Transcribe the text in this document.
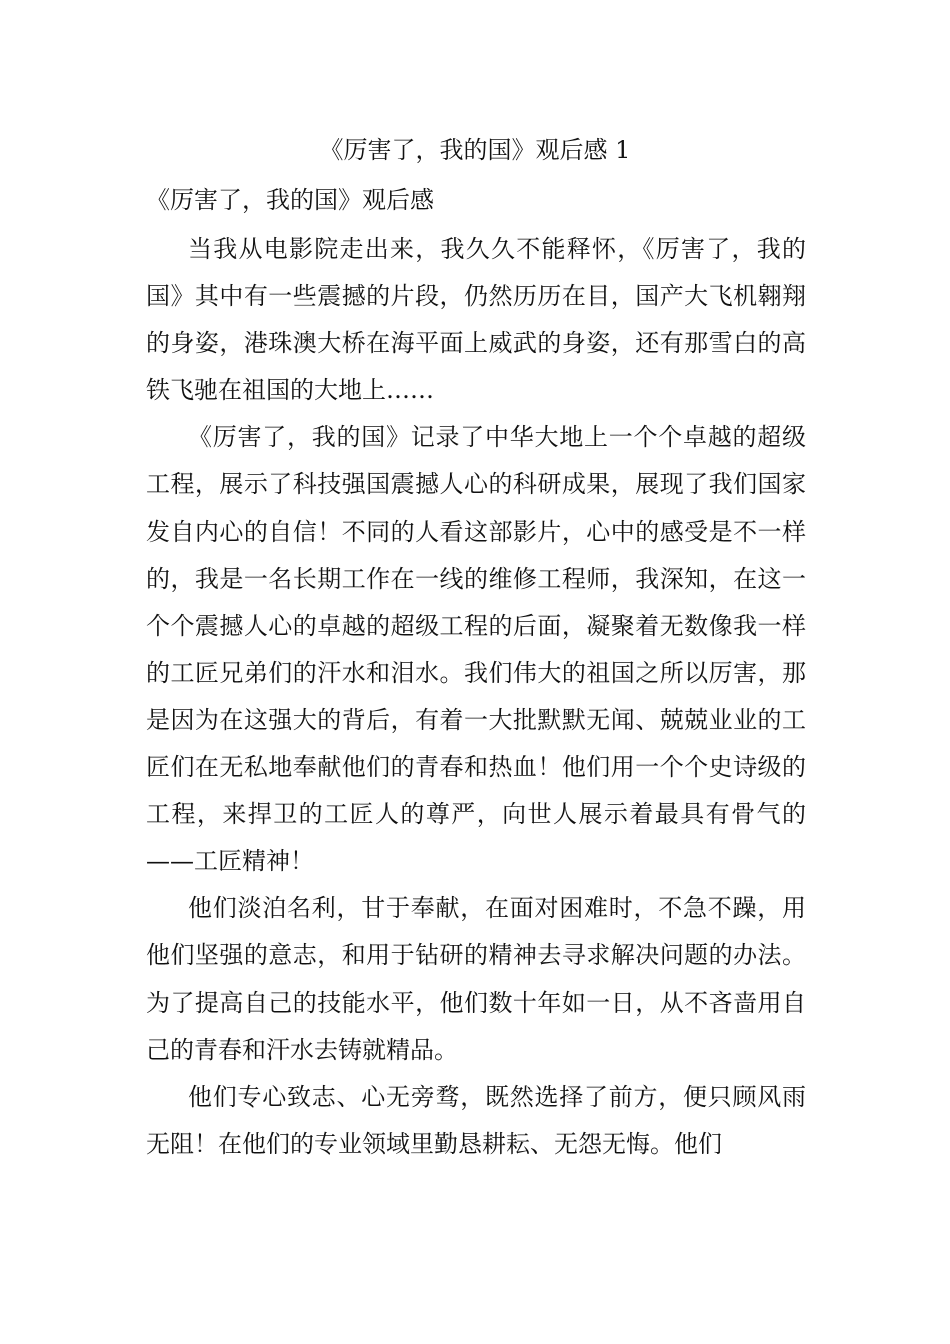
《厉害了，我的国》观后感 1
《厉害了，我的国》观后感

当我从电影院走出来，我久久不能释怀，《厉害了，我的国》其中有一些震撼的片段，仍然历历在目，国产大飞机翱翔的身姿，港珠澳大桥在海平面上威武的身姿，还有那雪白的高铁飞驰在祖国的大地上……

《厉害了，我的国》记录了中华大地上一个个卓越的超级工程，展示了科技强国震撼人心的科研成果，展现了我们国家发自内心的自信！不同的人看这部影片，心中的感受是不一样的，我是一名长期工作在一线的维修工程师，我深知，在这一个个震撼人心的卓越的超级工程的后面，凝聚着无数像我一样的工匠兄弟们的汗水和泪水。我们伟大的祖国之所以厉害，那是因为在这强大的背后，有着一大批默默无闻、兢兢业业的工匠们在无私地奉献他们的青春和热血！他们用一个个史诗级的工程，来捍卫的工匠人的尊严，向世人展示着最具有骨气的——工匠精神！

他们淡泊名利，甘于奉献，在面对困难时，不急不躁，用他们坚强的意志，和用于钻研的精神去寻求解决问题的办法。为了提高自己的技能水平，他们数十年如一日，从不吝啬用自己的青春和汗水去铸就精品。

他们专心致志、心无旁骛，既然选择了前方，便只顾风雨无阻！在他们的专业领域里勤恳耕耘、无怨无悔。他们
